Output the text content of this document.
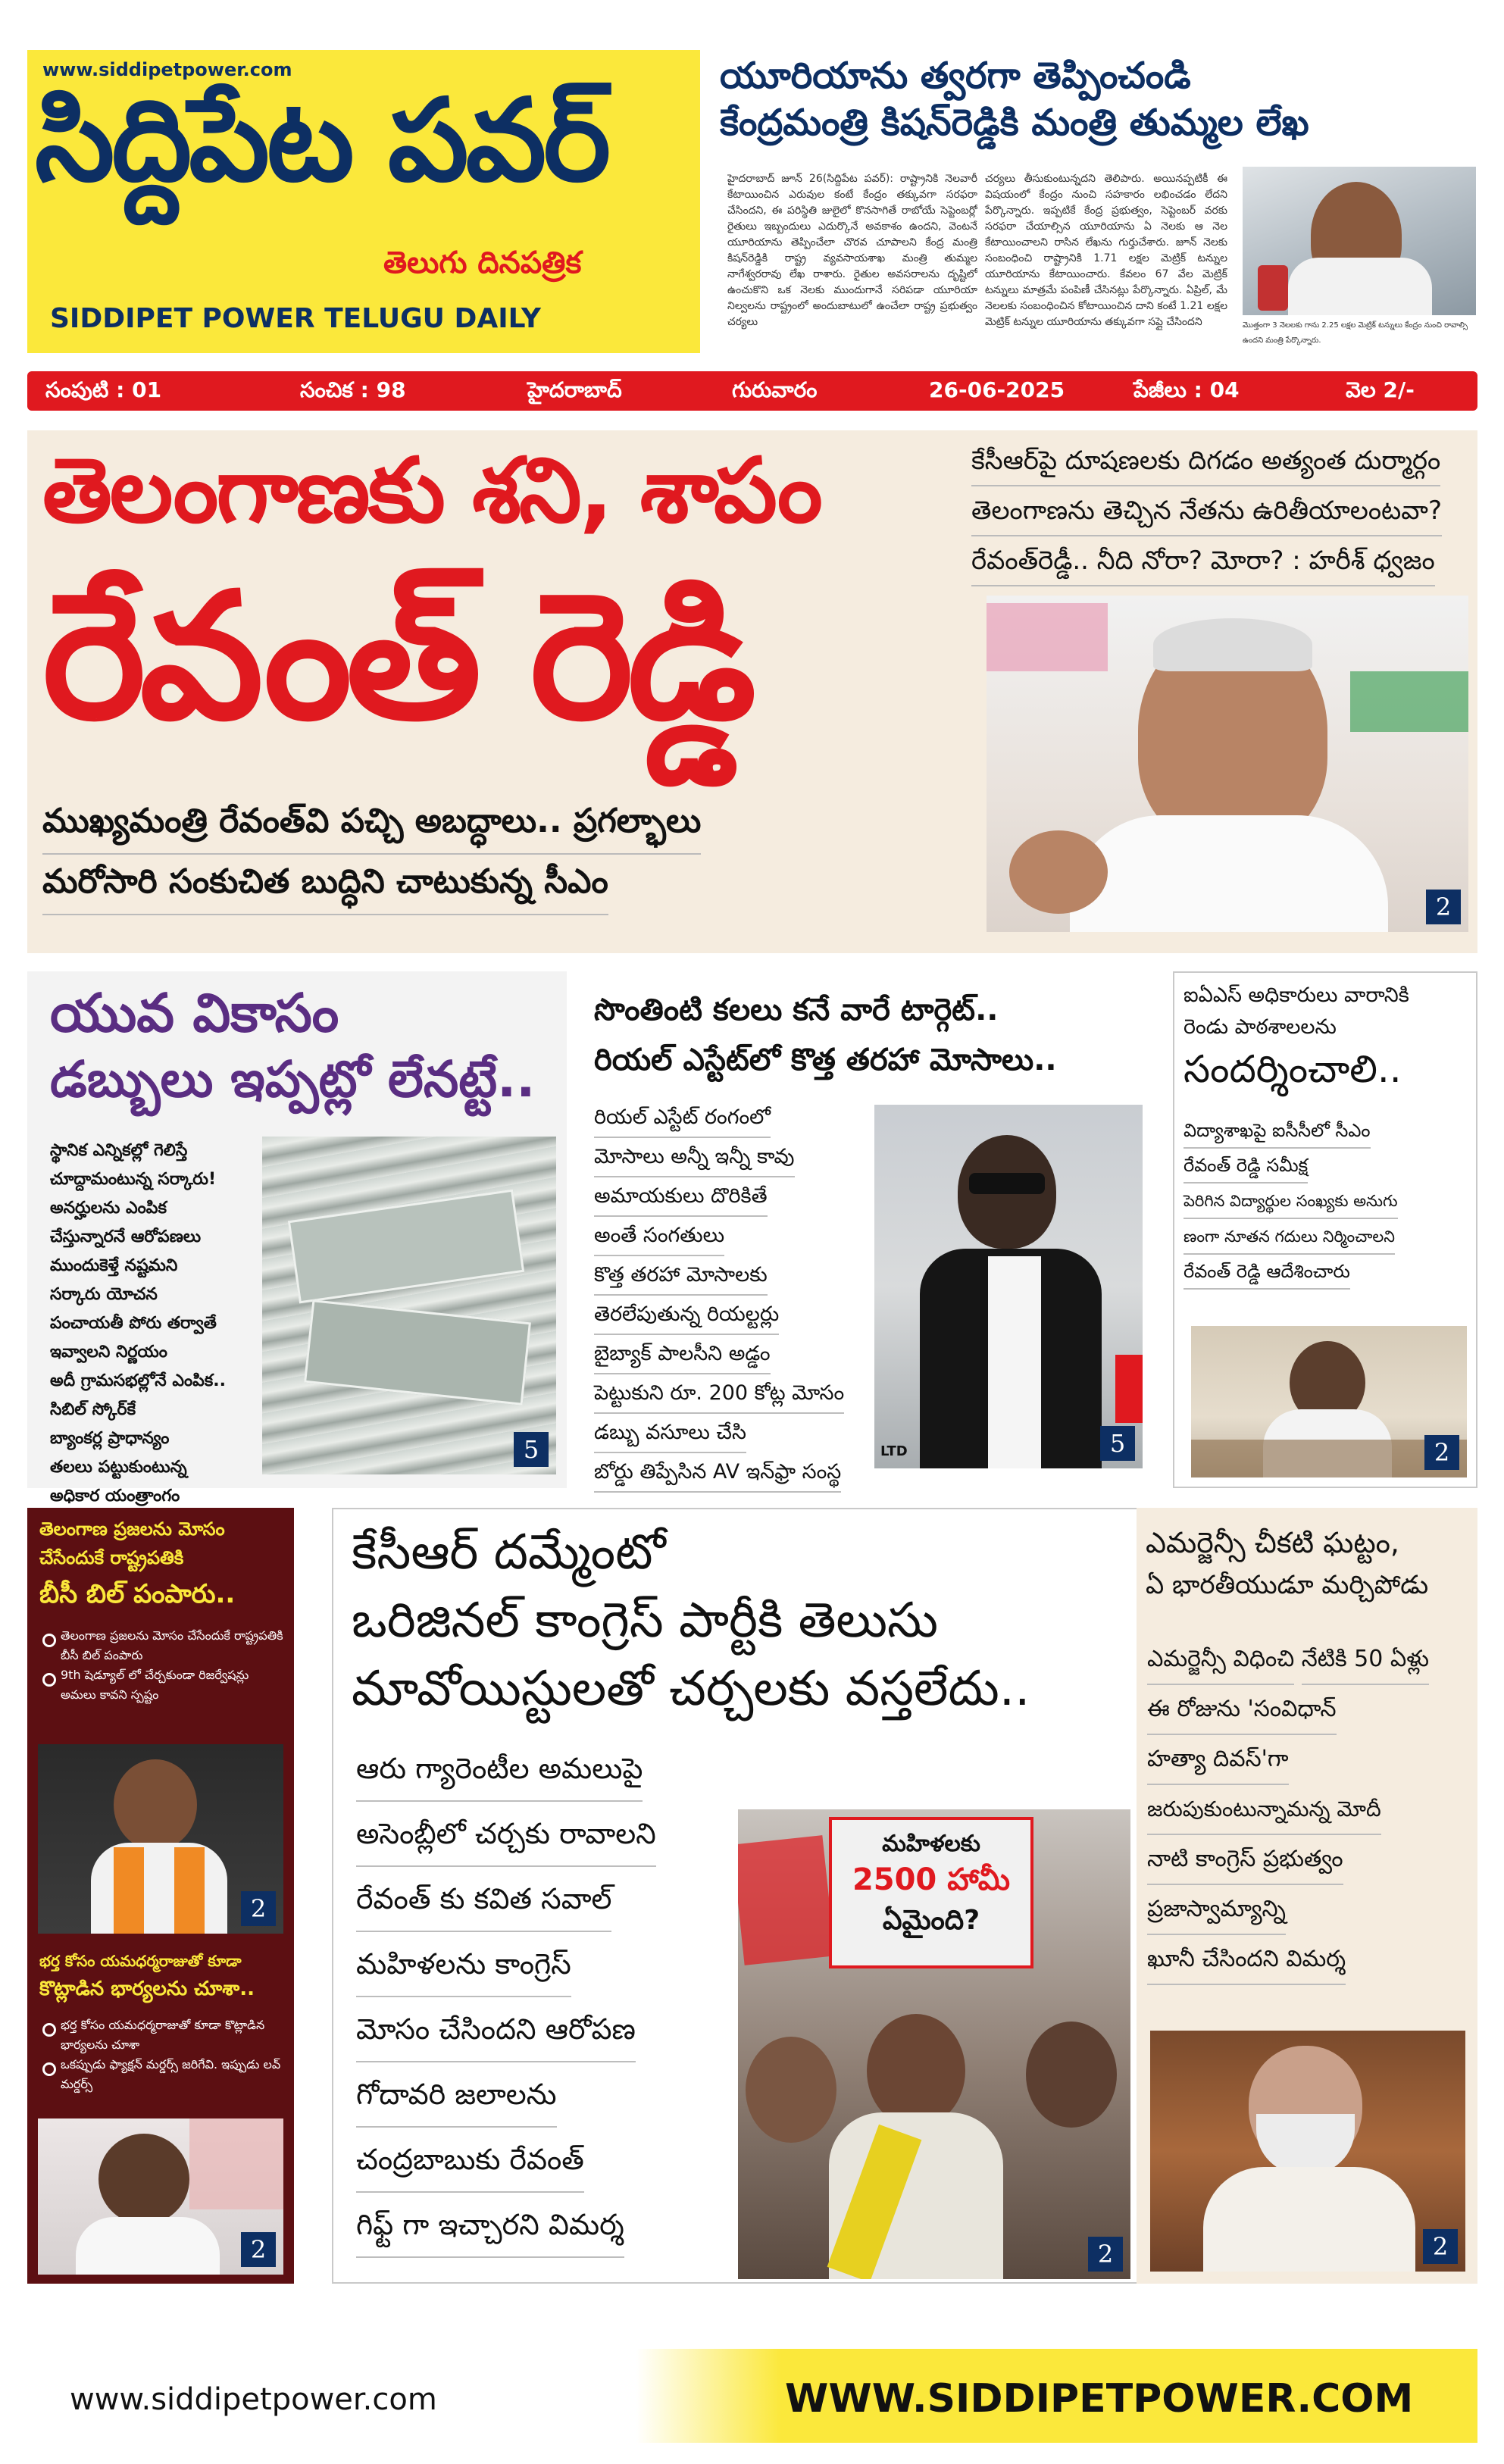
www.siddipetpower.com
సిద్దిపేట పవర్
తెలుగు దినపత్రిక
SIDDIPET POWER TELUGU DAILY
యూరియాను త్వరగా తెప్పించండి
కేంద్రమంత్రి కిషన్‌రెడ్డికి మంత్రి తుమ్మల లేఖ
హైదరాబాద్ జూన్ 26(సిద్దిపేట పవర్): రాష్ట్రానికి నెలవారీ కేటాయించిన ఎరువుల కంటే కేంద్రం తక్కువగా సరఫరా చేసిందని, ఈ పరిస్థితి జులైలో కొనసాగితే రాబోయే సెప్టెంబర్లో రైతులు ఇబ్బందులు ఎదుర్కొనే అవకాశం ఉందని, వెంటనే యూరియాను తెప్పించేలా చొరవ చూపాలని కేంద్ర మంత్రి కిషన్‌రెడ్డికి రాష్ట్ర వ్యవసాయశాఖ మంత్రి తుమ్మల నాగేశ్వరరావు లేఖ రాశారు. రైతుల అవసరాలను దృష్టిలో ఉంచుకొని ఒక నెలకు ముందుగానే సరిపడా యూరియా నిల్వలను రాష్ట్రంలో అందుబాటులో ఉంచేలా రాష్ట్ర ప్రభుత్వం చర్యలు
చర్యలు తీసుకుంటున్నదని తెలిపారు. అయినప్పటికీ ఈ విషయంలో కేంద్రం నుంచి సహకారం లభించడం లేదని పేర్కొన్నారు. ఇప్పటికే కేంద్ర ప్రభుత్వం, సెప్టెంబర్ వరకు సరఫరా చేయాల్సిన యూరియాను ఏ నెలకు ఆ నెల కేటాయించాలని రాసిన లేఖను గుర్తుచేశారు. జూన్ నెలకు సంబంధించి రాష్ట్రానికి 1.71 లక్షల మెట్రిక్ టన్నుల యూరియాను కేటాయించారు. కేవలం 67 వేల మెట్రిక్ టన్నులు మాత్రమే పంపిణీ చేసినట్లు పేర్కొన్నారు. ఏప్రిల్, మే నెలలకు సంబంధించిన కోటాయించిన దాని కంటే 1.21 లక్షల మెట్రిక్ టన్నుల యూరియాను తక్కువగా సప్లై చేసిందని	మొత్తంగా 3 నెలలకు గాను 2.25 లక్షల మెట్రిక్ టన్నులు కేంద్రం నుంచి రావాల్సి ఉందని మంత్రి పేర్కొన్నారు.
సంపుటి : 01	సంచిక : 98	హైదరాబాద్	గురువారం	26-06-2025	పేజీలు : 04	వెల 2/-
తెలంగాణకు శని, శాపం
రేవంత్ రెడ్డి
ముఖ్యమంత్రి రేవంత్‌వి పచ్చి అబద్ధాలు.. ప్రగల్భాలు
మరోసారి సంకుచిత బుద్ధిని చాటుకున్న సీఎం
కేసీఆర్‌పై దూషణలకు దిగడం అత్యంత దుర్మార్గం
తెలంగాణను తెచ్చిన నేతను ఉరితీయాలంటవా?
రేవంత్‌రెడ్డీ.. నీది నోరా? మోరా? : హరీశ్ ధ్వజం
2
యువ వికాసం
డబ్బులు ఇప్పట్లో లేనట్టే..
స్థానిక ఎన్నికల్లో గెలిస్తే
చూద్దామంటున్న సర్కారు!
అనర్హులను ఎంపిక
చేస్తున్నారనే ఆరోపణలు
ముందుకెళ్తే నష్టమని
సర్కారు యోచన
పంచాయతీ పోరు తర్వాతే
ఇవ్వాలని నిర్ణయం
అదీ గ్రామసభల్లోనే ఎంపిక..
సిబిల్ స్కోర్‌కే
బ్యాంకర్ల ప్రాధాన్యం
తలలు పట్టుకుంటున్న
అధికార యంత్రాంగం
5
సొంతింటి కలలు కనే వారే టార్గెట్..
రియల్ ఎస్టేట్‌లో కొత్త తరహా మోసాలు..
రియల్ ఎస్టేట్ రంగంలో మోసాలు అన్నీ ఇన్నీ కావు అమాయకులు దొరికితే అంతే సంగతులు కొత్త తరహా మోసాలకు తెరలేపుతున్న రియల్టర్లు బైబ్యాక్ పాలసీని అడ్డం పెట్టుకుని రూ. 200 కోట్ల మోసం డబ్బు వసూలు చేసి బోర్డు తిప్పేసిన AV ఇన్‌ఫ్రా సంస్థ
LTD	5
ఐఏఎస్ అధికారులు వారానికి
రెండు పాఠశాలలను
సందర్శించాలి..
విద్యాశాఖపై ఐసీసీలో సీఎం రేవంత్ రెడ్డి సమీక్ష పెరిగిన విద్యార్థుల సంఖ్యకు అనుగు ణంగా నూతన గదులు నిర్మించాలని రేవంత్ రెడ్డి ఆదేశించారు
2
తెలంగాణ ప్రజలను మోసం
చేసేందుకే రాష్ట్రపతికి
బీసీ బిల్ పంపారు..

తెలంగాణ ప్రజలను మోసం చేసేందుకే రాష్ట్రపతికి బీసీ బిల్ పంపారు

9th షెడ్యూల్ లో చేర్చకుండా రిజర్వేషన్లు అమలు కావని స్పష్టం

2
భర్త కోసం యమధర్మరాజుతో కూడా
కొట్లాడిన భార్యలను చూశా..

భర్త కోసం యమధర్మరాజుతో కూడా కొట్లాడిన భార్యలను చూశా

ఒకప్పుడు ఫ్యాక్షన్ మర్డర్స్ జరిగేవి. ఇప్పుడు లవ్ మర్డర్స్

2
కేసీఆర్ దమ్మేంటో
ఒరిజినల్ కాంగ్రెస్ పార్టీకి తెలుసు
మావోయిస్టులతో చర్చలకు వస్తలేదు..
ఆరు గ్యారెంటీల అమలుపై అసెంబ్లీలో చర్చకు రావాలని రేవంత్ కు కవిత సవాల్ మహిళలను కాంగ్రెస్ మోసం చేసిందని ఆరోపణ గోదావరి జలాలను చంద్రబాబుకు రేవంత్ గిఫ్ట్ గా ఇచ్చారని విమర్శ
మహిళలకు
2500 హామీ
ఏమైంది?
2
ఎమర్జెన్సీ చీకటి ఘట్టం,
ఏ భారతీయుడూ మర్చిపోడు
ఎమర్జెన్సీ విధించి నేటికి 50 ఏళ్లు ఈ రోజును 'సంవిధాన్ హత్యా దివస్'గా జరుపుకుంటున్నామన్న మోదీ నాటి కాంగ్రెస్ ప్రభుత్వం ప్రజాస్వామ్యాన్ని ఖూనీ చేసిందని విమర్శ
2
www.siddipetpower.com	WWW.SIDDIPETPOWER.COM
